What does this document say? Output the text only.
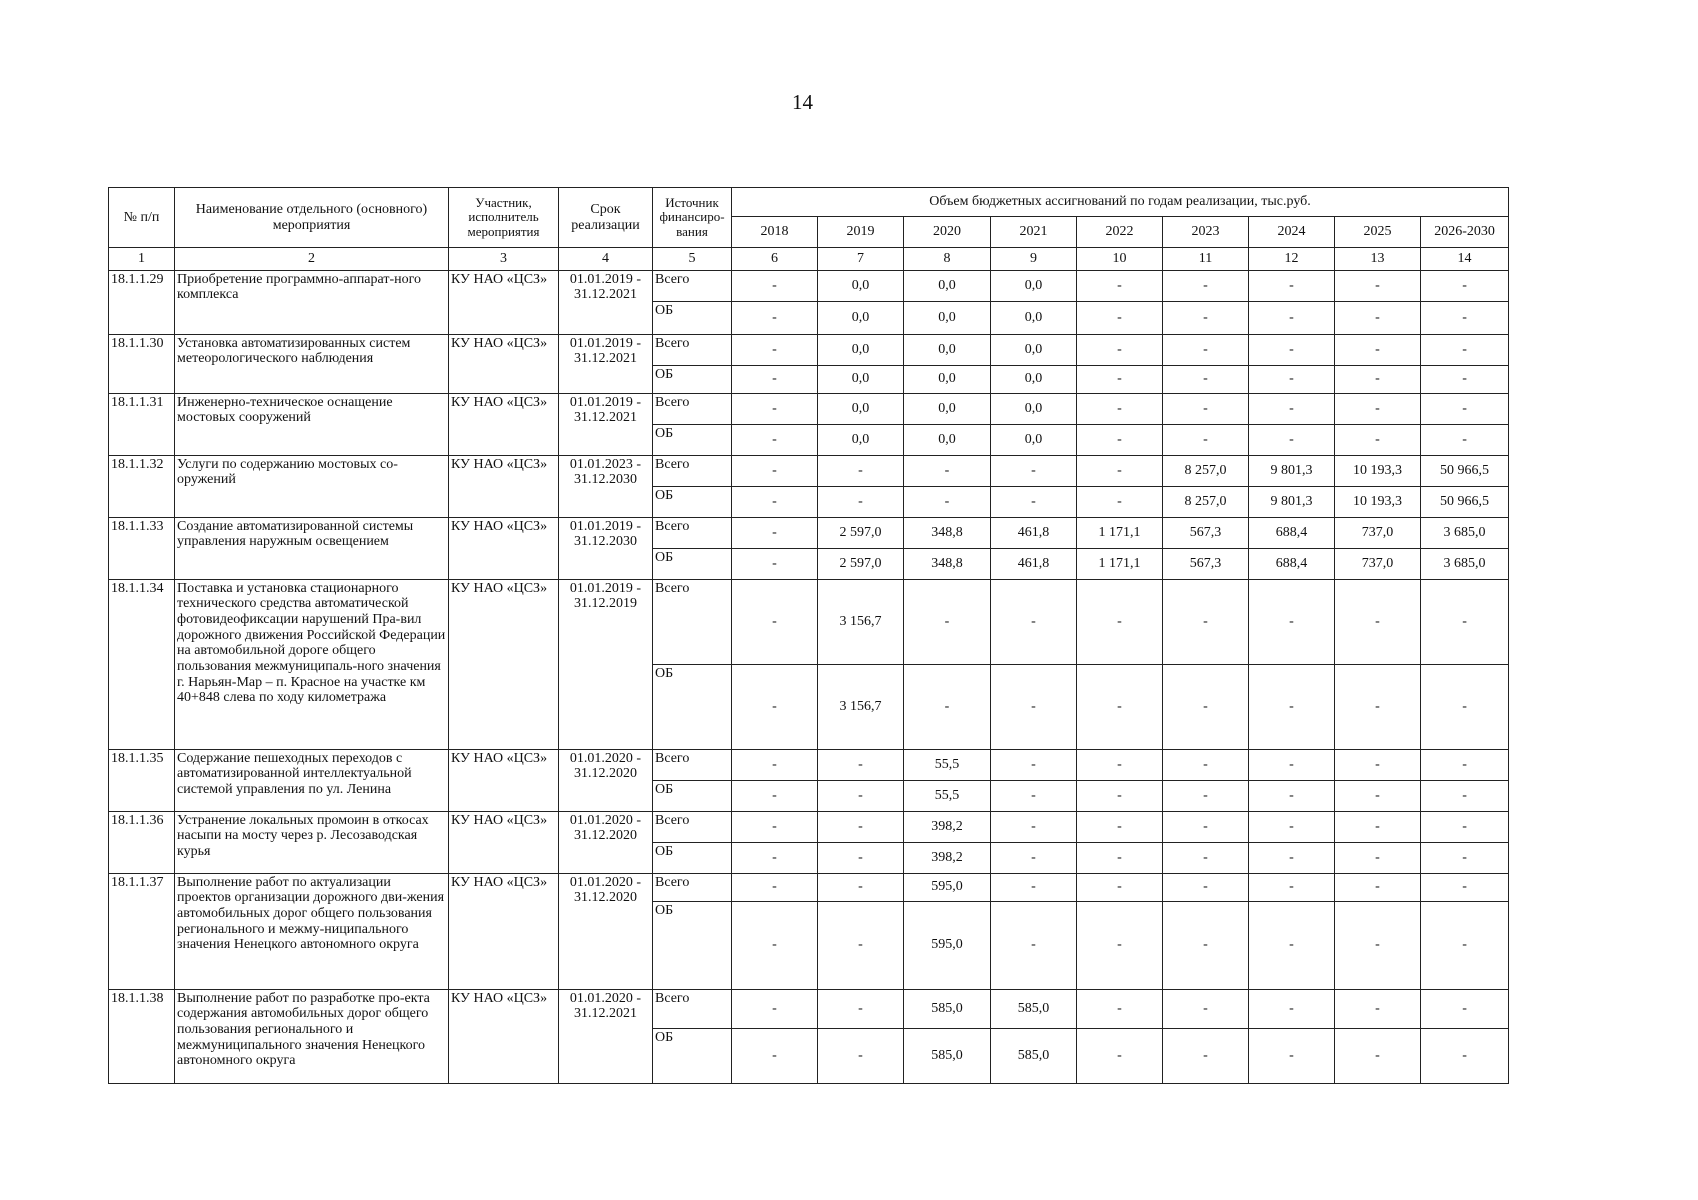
14
№ п/п	Наименование отдельного (основного) мероприятия	Участник, исполнитель мероприятия	Срок реализации	Источник финансиро-вания	Объем бюджетных ассигнований по годам реализации, тыс.руб.								
					2018	2019	2020	2021	2022	2023	2024	2025	2026-2030
1	2	3	4	5	6	7	8	9	10	11	12	13	14
18.1.1.29	Приобретение программно-аппарат-ного комплекса	КУ НАО «ЦСЗ»	01.01.2019 - 31.12.2021	Всего	-	0,0	0,0	0,0	-	-	-	-	-
				ОБ	-	0,0	0,0	0,0	-	-	-	-	-
18.1.1.30	Установка автоматизированных систем метеорологического наблюдения	КУ НАО «ЦСЗ»	01.01.2019 - 31.12.2021	Всего	-	0,0	0,0	0,0	-	-	-	-	-
				ОБ	-	0,0	0,0	0,0	-	-	-	-	-
18.1.1.31	Инженерно-техническое оснащение мостовых сооружений	КУ НАО «ЦСЗ»	01.01.2019 - 31.12.2021	Всего	-	0,0	0,0	0,0	-	-	-	-	-
				ОБ	-	0,0	0,0	0,0	-	-	-	-	-
18.1.1.32	Услуги по содержанию мостовых со-оружений	КУ НАО «ЦСЗ»	01.01.2023 - 31.12.2030	Всего	-	-	-	-	-	8 257,0	9 801,3	10 193,3	50 966,5
				ОБ	-	-	-	-	-	8 257,0	9 801,3	10 193,3	50 966,5
18.1.1.33	Создание автоматизированной системы управления наружным освещением	КУ НАО «ЦСЗ»	01.01.2019 - 31.12.2030	Всего	-	2 597,0	348,8	461,8	1 171,1	567,3	688,4	737,0	3 685,0
				ОБ	-	2 597,0	348,8	461,8	1 171,1	567,3	688,4	737,0	3 685,0
18.1.1.34	Поставка и установка стационарного технического средства автоматической фотовидеофиксации нарушений Пра-вил дорожного движения Российской Федерации на автомобильной дороге общего пользования межмуниципаль-ного значения г. Нарьян-Мар – п. Красное на участке км 40+848 слева по ходу километража	КУ НАО «ЦСЗ»	01.01.2019 - 31.12.2019	Всего	-	3 156,7	-	-	-	-	-	-	-
				ОБ	-	3 156,7	-	-	-	-	-	-	-
18.1.1.35	Содержание пешеходных переходов с автоматизированной интеллектуальной системой управления по ул. Ленина	КУ НАО «ЦСЗ»	01.01.2020 - 31.12.2020	Всего	-	-	55,5	-	-	-	-	-	-
				ОБ	-	-	55,5	-	-	-	-	-	-
18.1.1.36	Устранение локальных промоин в откосах насыпи на мосту через р. Лесозаводская курья	КУ НАО «ЦСЗ»	01.01.2020 - 31.12.2020	Всего	-	-	398,2	-	-	-	-	-	-
				ОБ	-	-	398,2	-	-	-	-	-	-
18.1.1.37	Выполнение работ по актуализации проектов организации дорожного дви-жения автомобильных дорог общего пользования регионального и межму-ниципального значения Ненецкого автономного округа	КУ НАО «ЦСЗ»	01.01.2020 - 31.12.2020	Всего	-	-	595,0	-	-	-	-	-	-
				ОБ	-	-	595,0	-	-	-	-	-	-
18.1.1.38	Выполнение работ по разработке про-екта содержания автомобильных дорог общего пользования регионального и межмуниципального значения Ненецкого автономного округа	КУ НАО «ЦСЗ»	01.01.2020 - 31.12.2021	Всего	-	-	585,0	585,0	-	-	-	-	-
				ОБ	-	-	585,0	585,0	-	-	-	-	-
